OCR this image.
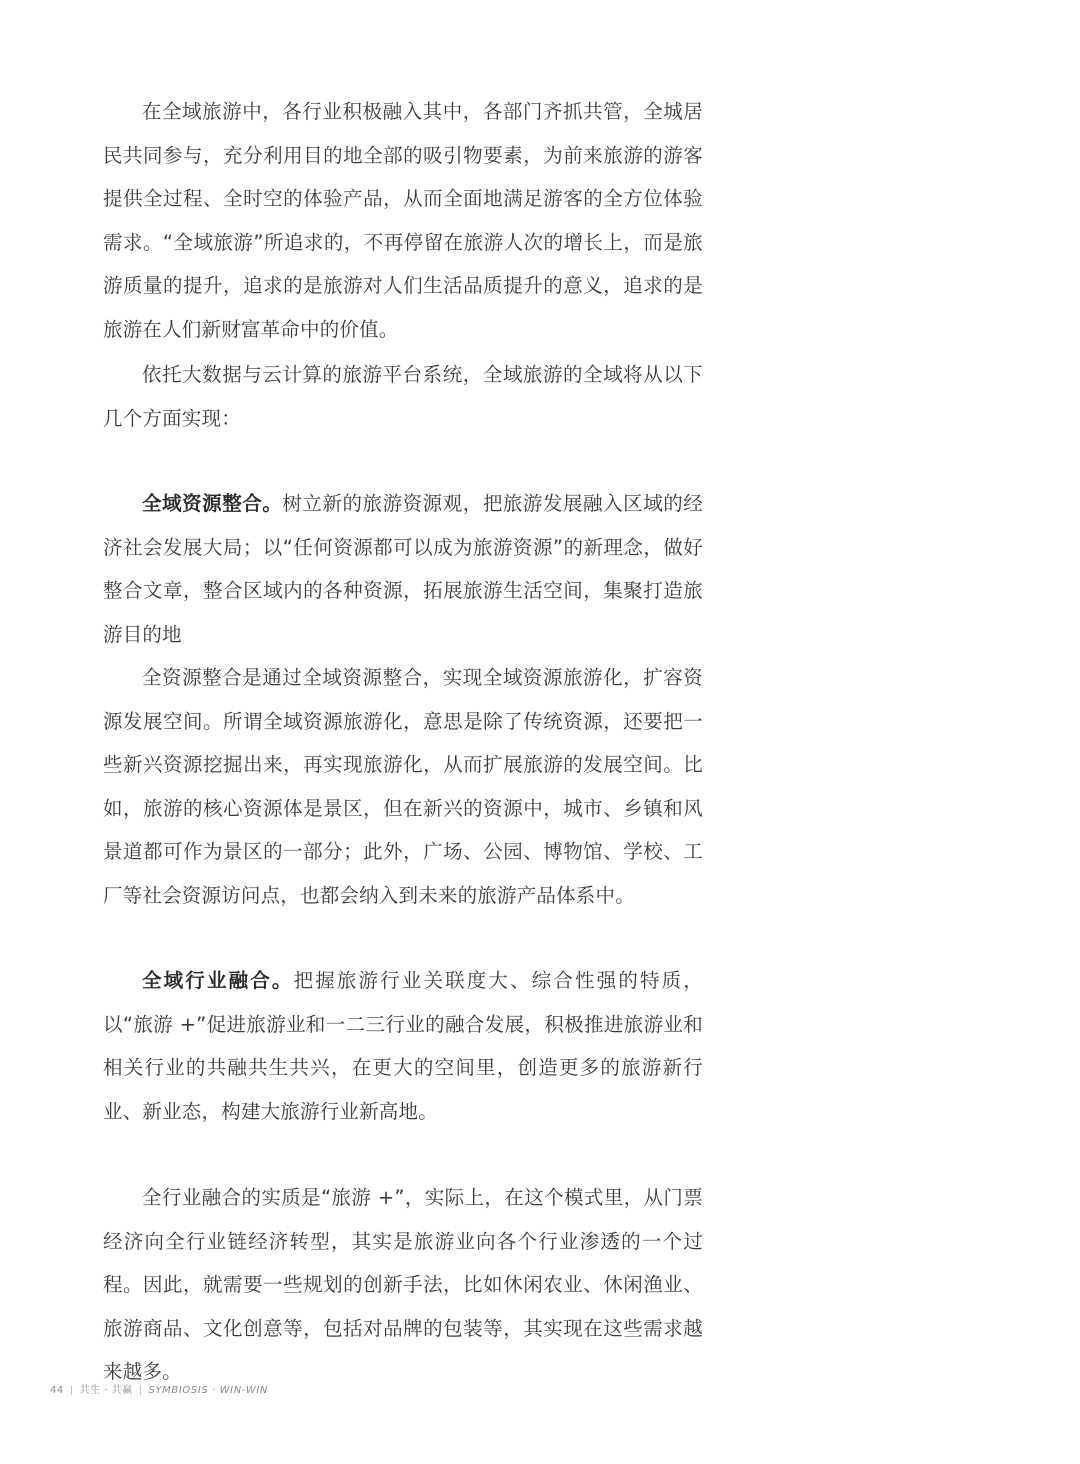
在全域旅游中，各行业积极融入其中，各部门齐抓共管，全城居民共同参与，充分利用目的地全部的吸引物要素，为前来旅游的游客提供全过程、全时空的体验产品，从而全面地满足游客的全方位体验需求。“全域旅游”所追求的，不再停留在旅游人次的增长上，而是旅游质量的提升，追求的是旅游对人们生活品质提升的意义，追求的是旅游在人们新财富革命中的价值。

依托大数据与云计算的旅游平台系统，全域旅游的全域将从以下几个方面实现：

全域资源整合。树立新的旅游资源观，把旅游发展融入区域的经济社会发展大局；以“任何资源都可以成为旅游资源”的新理念，做好整合文章，整合区域内的各种资源，拓展旅游生活空间，集聚打造旅游目的地

全资源整合是通过全域资源整合，实现全域资源旅游化，扩容资源发展空间。所谓全域资源旅游化，意思是除了传统资源，还要把一些新兴资源挖掘出来，再实现旅游化，从而扩展旅游的发展空间。比如，旅游的核心资源体是景区，但在新兴的资源中，城市、乡镇和风景道都可作为景区的一部分；此外，广场、公园、博物馆、学校、工厂等社会资源访问点，也都会纳入到未来的旅游产品体系中。

全域行业融合。把握旅游行业关联度大、综合性强的特质，以“旅游 +”促进旅游业和一二三行业的融合发展，积极推进旅游业和相关行业的共融共生共兴，在更大的空间里，创造更多的旅游新行业、新业态，构建大旅游行业新高地。

全行业融合的实质是“旅游 +”，实际上，在这个模式里，从门票经济向全行业链经济转型，其实是旅游业向各个行业渗透的一个过程。因此，就需要一些规划的创新手法，比如休闲农业、休闲渔业、旅游商品、文化创意等，包括对品牌的包装等，其实现在这些需求越来越多。

44 | 共生 · 共赢 | SYMBIOSIS · WIN-WIN
